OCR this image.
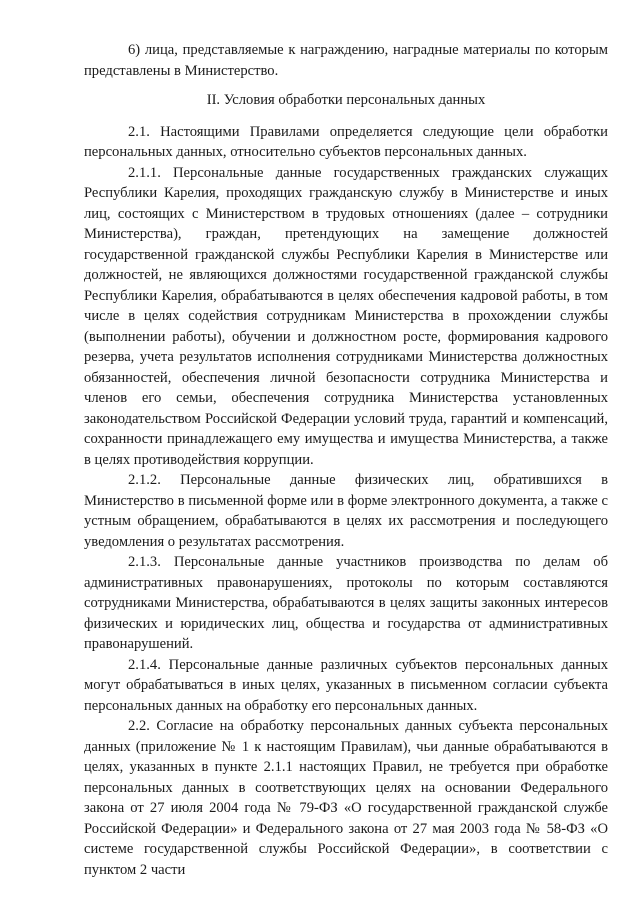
6) лица, представляемые к награждению, наградные материалы по которым представлены в Министерство.

II. Условия обработки персональных данных

2.1. Настоящими Правилами определяется следующие цели обработки персональных данных, относительно субъектов персональных данных.

2.1.1. Персональные данные государственных гражданских служащих Республики Карелия, проходящих гражданскую службу в Министерстве и иных лиц, состоящих с Министерством в трудовых отношениях (далее – сотрудники Министерства), граждан, претендующих на замещение должностей государственной гражданской службы Республики Карелия в Министерстве или должностей, не являющихся должностями государственной гражданской службы Республики Карелия, обрабатываются в целях обеспечения кадровой работы, в том числе в целях содействия сотрудникам Министерства в прохождении службы (выполнении работы), обучении и должностном росте, формирования кадрового резерва, учета результатов исполнения сотрудниками Министерства должностных обязанностей, обеспечения личной безопасности сотрудника Министерства и членов его семьи, обеспечения сотрудника Министерства установленных законодательством Российской Федерации условий труда, гарантий и компенсаций, сохранности принадлежащего ему имущества и имущества Министерства, а также в целях противодействия коррупции.

2.1.2. Персональные данные физических лиц, обратившихся в Министерство в письменной форме или в форме электронного документа, а также с устным обращением, обрабатываются в целях их рассмотрения и последующего уведомления о результатах рассмотрения.

2.1.3. Персональные данные участников производства по делам об административных правонарушениях, протоколы по которым составляются сотрудниками Министерства, обрабатываются в целях защиты законных интересов физических и юридических лиц, общества и государства от административных правонарушений.

2.1.4. Персональные данные различных субъектов персональных данных могут обрабатываться в иных целях, указанных в письменном согласии субъекта персональных данных на обработку его персональных данных.

2.2. Согласие на обработку персональных данных субъекта персональных данных (приложение № 1 к настоящим Правилам), чьи данные обрабатываются в целях, указанных в пункте 2.1.1 настоящих Правил, не требуется при обработке персональных данных в соответствующих целях на основании Федерального закона от 27 июля 2004 года № 79-ФЗ «О государственной гражданской службе Российской Федерации» и Федерального закона от 27 мая 2003 года № 58-ФЗ «О системе государственной службы Российской Федерации», в соответствии с пунктом 2 части
